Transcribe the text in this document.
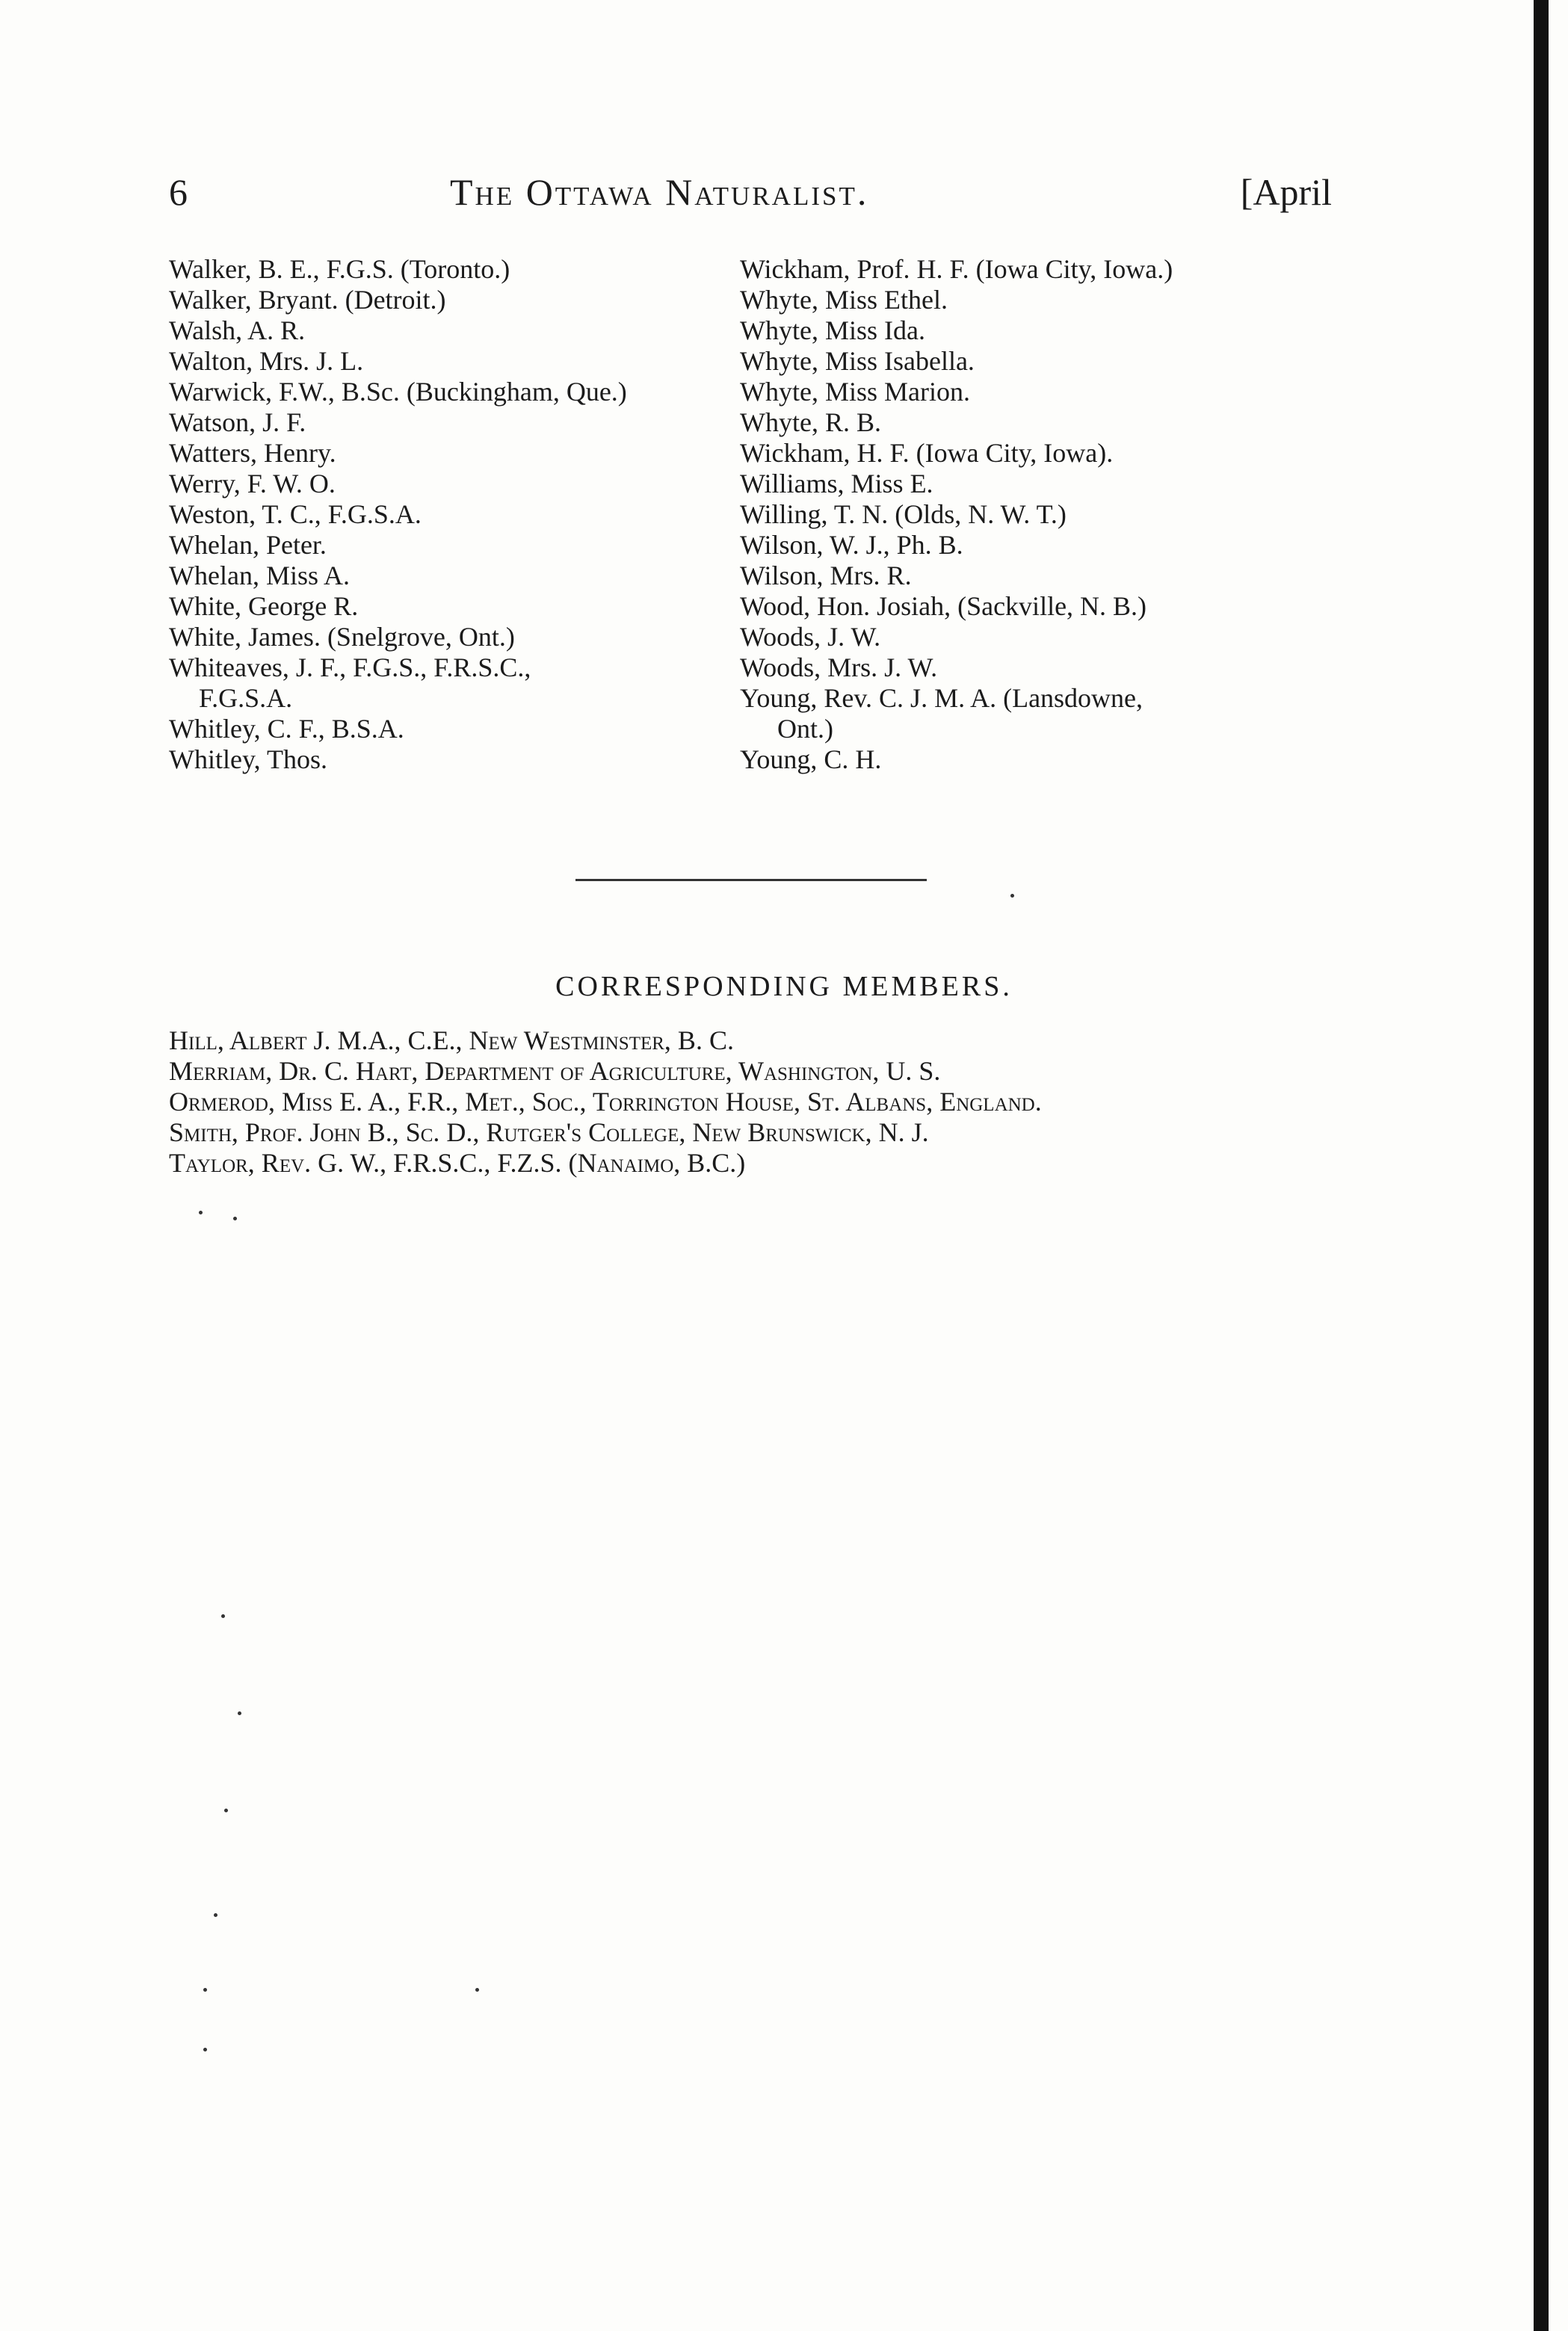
6	The Ottawa Naturalist.	[April
Walker, B. E., F.G.S. (Toronto.)
Walker, Bryant. (Detroit.)
Walsh, A. R.
Walton, Mrs. J. L.
Warwick, F.W., B.Sc. (Buckingham, Que.)
Watson, J. F.
Watters, Henry.
Werry, F. W. O.
Weston, T. C., F.G.S.A.
Whelan, Peter.
Whelan, Miss A.
White, George R.
White, James. (Snelgrove, Ont.)
Whiteaves, J. F., F.G.S., F.R.S.C.,
F.G.S.A.
Whitley, C. F., B.S.A.
Whitley, Thos.
Wickham, Prof. H. F. (Iowa City, Iowa.)
Whyte, Miss Ethel.
Whyte, Miss Ida.
Whyte, Miss Isabella.
Whyte, Miss Marion.
Whyte, R. B.
Wickham, H. F. (Iowa City, Iowa).
Williams, Miss E.
Willing, T. N. (Olds, N. W. T.)
Wilson, W. J., Ph. B.
Wilson, Mrs. R.
Wood, Hon. Josiah, (Sackville, N. B.)
Woods, J. W.
Woods, Mrs. J. W.
Young, Rev. C. J. M. A. (Lansdowne,
Ont.)
Young, C. H.
CORRESPONDING MEMBERS.
Hill, Albert J. M.A., C.E., New Westminster, B. C.
Merriam, Dr. C. Hart, Department of Agriculture, Washington, U. S.
Ormerod, Miss E. A., F.R., Met., Soc., Torrington House, St. Albans, England.
Smith, Prof. John B., Sc. D., Rutger's College, New Brunswick, N. J.
Taylor, Rev. G. W., F.R.S.C., F.Z.S. (Nanaimo, B.C.)
